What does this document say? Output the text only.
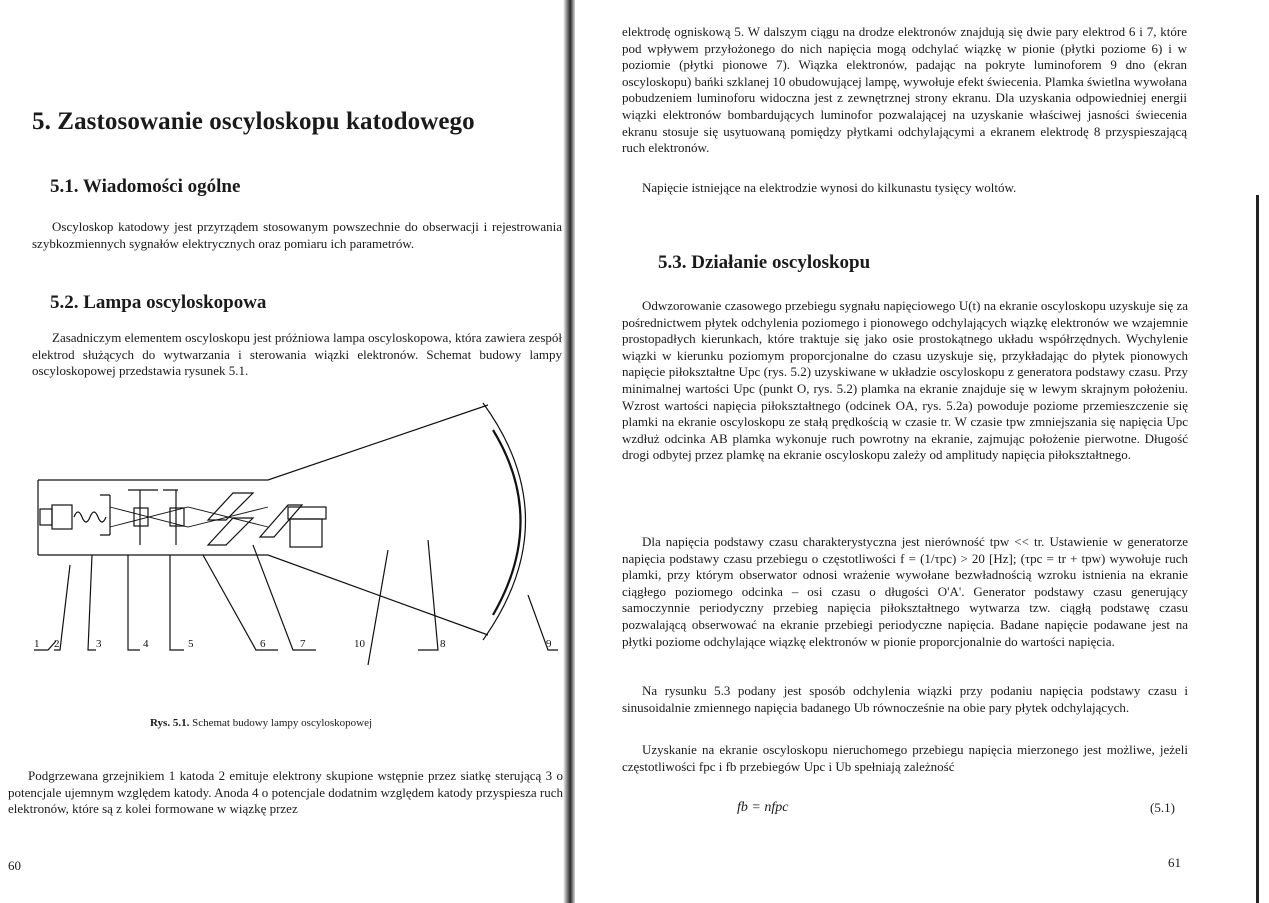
5. Zastosowanie oscyloskopu katodowego
5.1. Wiadomości ogólne

Oscyloskop katodowy jest przyrządem stosowanym powszechnie do obserwacji i rejestrowania szybkozmiennych sygnałów elektrycznych oraz pomiaru ich parametrów.

5.2. Lampa oscyloskopowa

Zasadniczym elementem oscyloskopu jest próżniowa lampa oscyloskopowa, która zawiera zespół elektrod służących do wytwarzania i sterowania wiązki elektronów. Schemat budowy lampy oscyloskopowej przedstawia rysunek 5.1.

1 2	3	4	5	6	7	10	8	9

Rys. 5.1. Schemat budowy lampy oscyloskopowej

Podgrzewana grzejnikiem 1 katoda 2 emituje elektrony skupione wstępnie przez siatkę sterującą 3 o potencjale ujemnym względem katody. Anoda 4 o potencjale dodatnim względem katody przyspiesza ruch elektronów, które są z kolei formowane w wiązkę przez

60

elektrodę ogniskową 5. W dalszym ciągu na drodze elektronów znajdują się dwie pary elektrod 6 i 7, które pod wpływem przyłożonego do nich napięcia mogą odchylać wiązkę w pionie (płytki poziome 6) i w poziomie (płytki pionowe 7). Wiązka elektronów, padając na pokryte luminoforem 9 dno (ekran oscyloskopu) bańki szklanej 10 obudowującej lampę, wywołuje efekt świecenia. Plamka świetlna wywołana pobudzeniem luminoforu widoczna jest z zewnętrznej strony ekranu. Dla uzyskania odpowiedniej energii wiązki elektronów bombardujących luminofor pozwalającej na uzyskanie właściwej jasności świecenia ekranu stosuje się usytuowaną pomiędzy płytkami odchylającymi a ekranem elektrodę 8 przyspieszającą ruch elektronów.

Napięcie istniejące na elektrodzie wynosi do kilkunastu tysięcy woltów.

5.3. Działanie oscyloskopu

Odwzorowanie czasowego przebiegu sygnału napięciowego U(t) na ekranie oscyloskopu uzyskuje się za pośrednictwem płytek odchylenia poziomego i pionowego odchylających wiązkę elektronów we wzajemnie prostopadłych kierunkach, które traktuje się jako osie prostokątnego układu współrzędnych. Wychylenie wiązki w kierunku poziomym proporcjonalne do czasu uzyskuje się, przykładając do płytek pionowych napięcie piłokształtne Upc (rys. 5.2) uzyskiwane w układzie oscyloskopu z generatora podstawy czasu. Przy minimalnej wartości Upc (punkt O, rys. 5.2) plamka na ekranie znajduje się w lewym skrajnym położeniu. Wzrost wartości napięcia piłokształtnego (odcinek OA, rys. 5.2a) powoduje poziome przemieszczenie się plamki na ekranie oscyloskopu ze stałą prędkością w czasie tr. W czasie tpw zmniejszania się napięcia Upc wzdłuż odcinka AB plamka wykonuje ruch powrotny na ekranie, zajmując położenie pierwotne. Długość drogi odbytej przez plamkę na ekranie oscyloskopu zależy od amplitudy napięcia piłokształtnego.

Dla napięcia podstawy czasu charakterystyczna jest nierówność tpw << tr. Ustawienie w generatorze napięcia podstawy czasu przebiegu o częstotliwości f = (1/τpc) > 20 [Hz]; (τpc = tr + tpw) wywołuje ruch plamki, przy którym obserwator odnosi wrażenie wywołane bezwładnością wzroku istnienia na ekranie ciągłego poziomego odcinka – osi czasu o długości O'A'. Generator podstawy czasu generujący samoczynnie periodyczny przebieg napięcia piłokształtnego wytwarza tzw. ciągłą podstawę czasu pozwalającą obserwować na ekranie przebiegi periodyczne napięcia. Badane napięcie podawane jest na płytki poziome odchylające wiązkę elektronów w pionie proporcjonalnie do wartości napięcia.

Na rysunku 5.3 podany jest sposób odchylenia wiązki przy podaniu napięcia podstawy czasu i sinusoidalnie zmiennego napięcia badanego Ub równocześnie na obie pary płytek odchylających.

Uzyskanie na ekranie oscyloskopu nieruchomego przebiegu napięcia mierzonego jest możliwe, jeżeli częstotliwości fpc i fb przebiegów Upc i Ub spełniają zależność

61

fb = nfpc	(5.1)
